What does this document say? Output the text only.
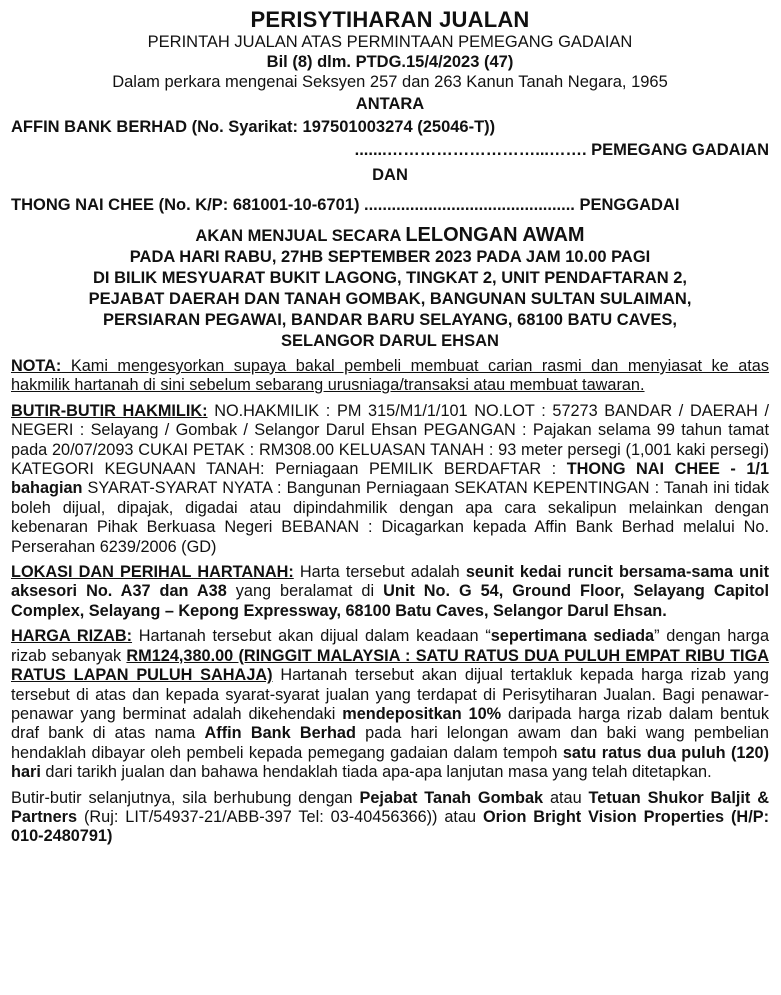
PERISYTIHARAN JUALAN
PERINTAH JUALAN ATAS PERMINTAAN PEMEGANG GADAIAN
Bil (8) dlm. PTDG.15/4/2023 (47)
Dalam perkara mengenai Seksyen 257 dan 263 Kanun Tanah Negara, 1965
ANTARA
AFFIN BANK BERHAD (No. Syarikat: 197501003274 (25046-T))
.......………………………...……. PEMEGANG GADAIAN
DAN
THONG NAI CHEE (No. K/P: 681001-10-6701) .............................................. PENGGADAI
AKAN MENJUAL SECARA LELONGAN AWAM
PADA HARI RABU, 27HB SEPTEMBER 2023 PADA JAM 10.00 PAGI
DI BILIK MESYUARAT BUKIT LAGONG, TINGKAT 2, UNIT PENDAFTARAN 2,
PEJABAT DAERAH DAN TANAH GOMBAK, BANGUNAN SULTAN SULAIMAN,
PERSIARAN PEGAWAI, BANDAR BARU SELAYANG, 68100 BATU CAVES,
SELANGOR DARUL EHSAN
NOTA: Kami mengesyorkan supaya bakal pembeli membuat carian rasmi dan menyiasat ke atas hakmilik hartanah di sini sebelum sebarang urusniaga/transaksi atau membuat tawaran.
BUTIR-BUTIR HAKMILIK: NO.HAKMILIK : PM 315/M1/1/101 NO.LOT : 57273 BANDAR / DAERAH / NEGERI : Selayang / Gombak / Selangor Darul Ehsan PEGANGAN : Pajakan selama 99 tahun tamat pada 20/07/2093 CUKAI PETAK : RM308.00 KELUASAN TANAH : 93 meter persegi (1,001 kaki persegi) KATEGORI KEGUNAAN TANAH: Perniagaan PEMILIK BERDAFTAR : THONG NAI CHEE - 1/1 bahagian SYARAT-SYARAT NYATA : Bangunan Perniagaan SEKATAN KEPENTINGAN : Tanah ini tidak boleh dijual, dipajak, digadai atau dipindahmilik dengan apa cara sekalipun melainkan dengan kebenaran Pihak Berkuasa Negeri BEBANAN : Dicagarkan kepada Affin Bank Berhad melalui No. Perserahan 6239/2006 (GD)
LOKASI DAN PERIHAL HARTANAH: Harta tersebut adalah seunit kedai runcit bersama-sama unit aksesori No. A37 dan A38 yang beralamat di Unit No. G 54, Ground Floor, Selayang Capitol Complex, Selayang – Kepong Expressway, 68100 Batu Caves, Selangor Darul Ehsan.
HARGA RIZAB: Hartanah tersebut akan dijual dalam keadaan “sepertimana sediada” dengan harga rizab sebanyak RM124,380.00 (RINGGIT MALAYSIA : SATU RATUS DUA PULUH EMPAT RIBU TIGA RATUS LAPAN PULUH SAHAJA) Hartanah tersebut akan dijual tertakluk kepada harga rizab yang tersebut di atas dan kepada syarat-syarat jualan yang terdapat di Perisytiharan Jualan. Bagi penawar-penawar yang berminat adalah dikehendaki mendepositkan 10% daripada harga rizab dalam bentuk draf bank di atas nama Affin Bank Berhad pada hari lelongan awam dan baki wang pembelian hendaklah dibayar oleh pembeli kepada pemegang gadaian dalam tempoh satu ratus dua puluh (120) hari dari tarikh jualan dan bahawa hendaklah tiada apa-apa lanjutan masa yang telah ditetapkan.
Butir-butir selanjutnya, sila berhubung dengan Pejabat Tanah Gombak atau Tetuan Shukor Baljit & Partners (Ruj: LIT/54937-21/ABB-397 Tel: 03-40456366)) atau Orion Bright Vision Properties (H/P: 010-2480791)
